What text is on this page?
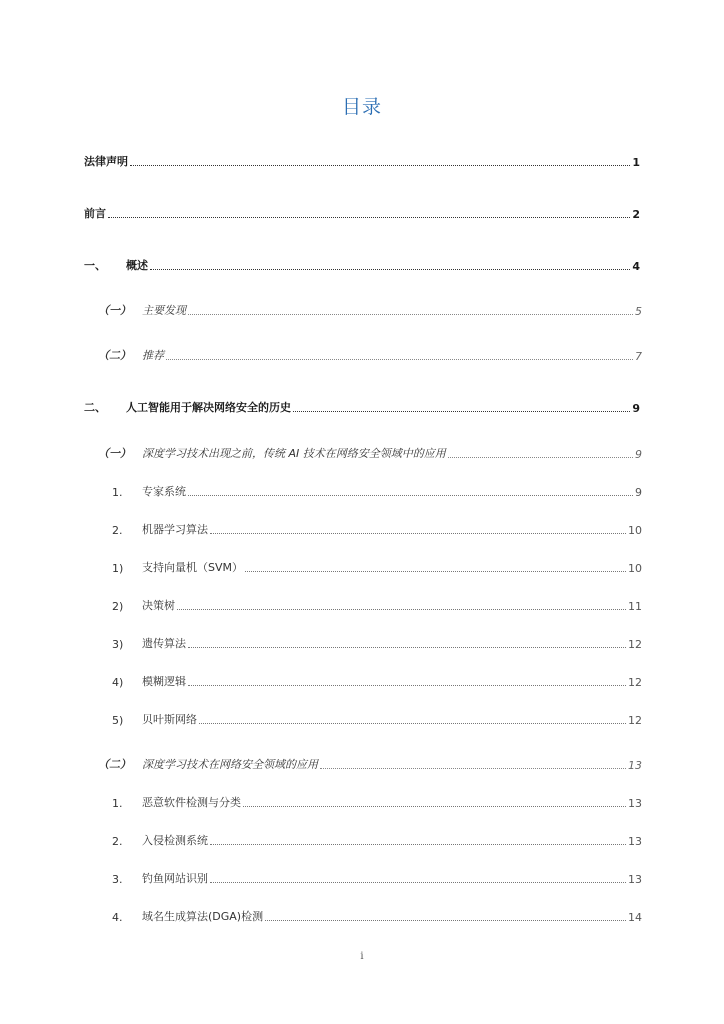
目录
法律声明	1
前言	2
一、	概述	4
（一）	主要发现	5
（二）	推荐	7
二、	人工智能用于解决网络安全的历史	9
（一）	深度学习技术出现之前，传统 AI 技术在网络安全领域中的应用	9
1.	专家系统	9
2.	机器学习算法	10
1)	支持向量机（SVM）	10
2)	决策树	11
3)	遗传算法	12
4)	模糊逻辑	12
5)	贝叶斯网络	12
（二）	深度学习技术在网络安全领域的应用	13
1.	恶意软件检测与分类	13
2.	入侵检测系统	13
3.	钓鱼网站识别	13
4.	域名生成算法(DGA)检测	14
i
